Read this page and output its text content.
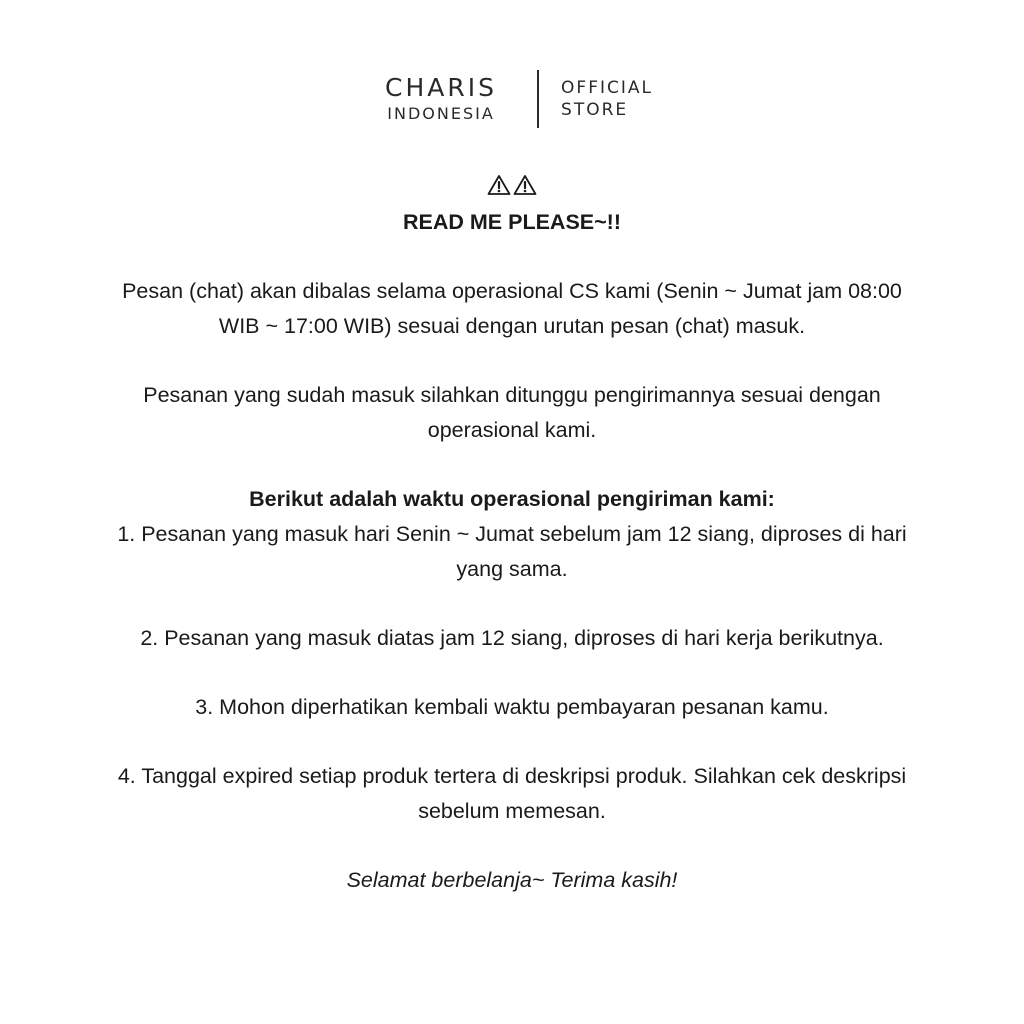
CHARIS
INDONESIA
OFFICIAL
STORE

READ ME PLEASE~!!

Pesan (chat) akan dibalas selama operasional CS kami (Senin ~ Jumat jam 08:00 WIB ~ 17:00 WIB) sesuai dengan urutan pesan (chat) masuk.

Pesanan yang sudah masuk silahkan ditunggu pengirimannya sesuai dengan operasional kami.

Berikut adalah waktu operasional pengiriman kami:

1. Pesanan yang masuk hari Senin ~ Jumat sebelum jam 12 siang, diproses di hari yang sama.

2. Pesanan yang masuk diatas jam 12 siang, diproses di hari kerja berikutnya.

3. Mohon diperhatikan kembali waktu pembayaran pesanan kamu.

4. Tanggal expired setiap produk tertera di deskripsi produk. Silahkan cek deskripsi sebelum memesan.

Selamat berbelanja~ Terima kasih!
